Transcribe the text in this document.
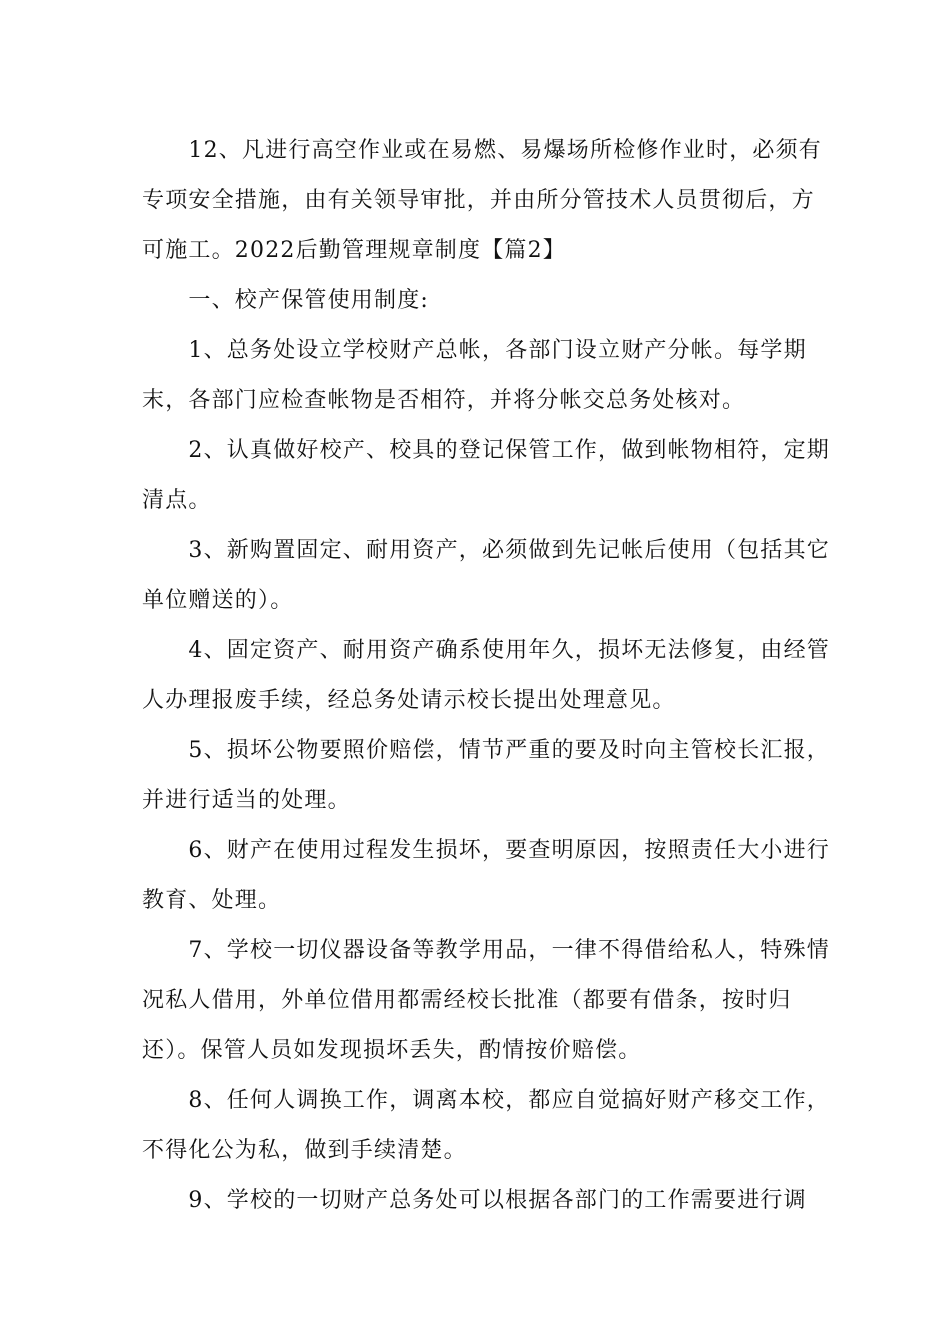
　　12、凡进行高空作业或在易燃、易爆场所检修作业时，必须有
专项安全措施，由有关领导审批，并由所分管技术人员贯彻后，方
可施工。2022后勤管理规章制度【篇2】
　　一、校产保管使用制度:
　　1、总务处设立学校财产总帐，各部门设立财产分帐。每学期
末，各部门应检查帐物是否相符，并将分帐交总务处核对。
　　2、认真做好校产、校具的登记保管工作，做到帐物相符，定期
清点。
　　3、新购置固定、耐用资产，必须做到先记帐后使用（包括其它
单位赠送的）。
　　4、固定资产、耐用资产确系使用年久，损坏无法修复，由经管
人办理报废手续，经总务处请示校长提出处理意见。
　　5、损坏公物要照价赔偿，情节严重的要及时向主管校长汇报，
并进行适当的处理。
　　6、财产在使用过程发生损坏，要查明原因，按照责任大小进行
教育、处理。
　　7、学校一切仪器设备等教学用品，一律不得借给私人，特殊情
况私人借用，外单位借用都需经校长批准（都要有借条，按时归
还）。保管人员如发现损坏丢失，酌情按价赔偿。
　　8、任何人调换工作，调离本校，都应自觉搞好财产移交工作，
不得化公为私，做到手续清楚。
　　9、学校的一切财产总务处可以根据各部门的工作需要进行调
